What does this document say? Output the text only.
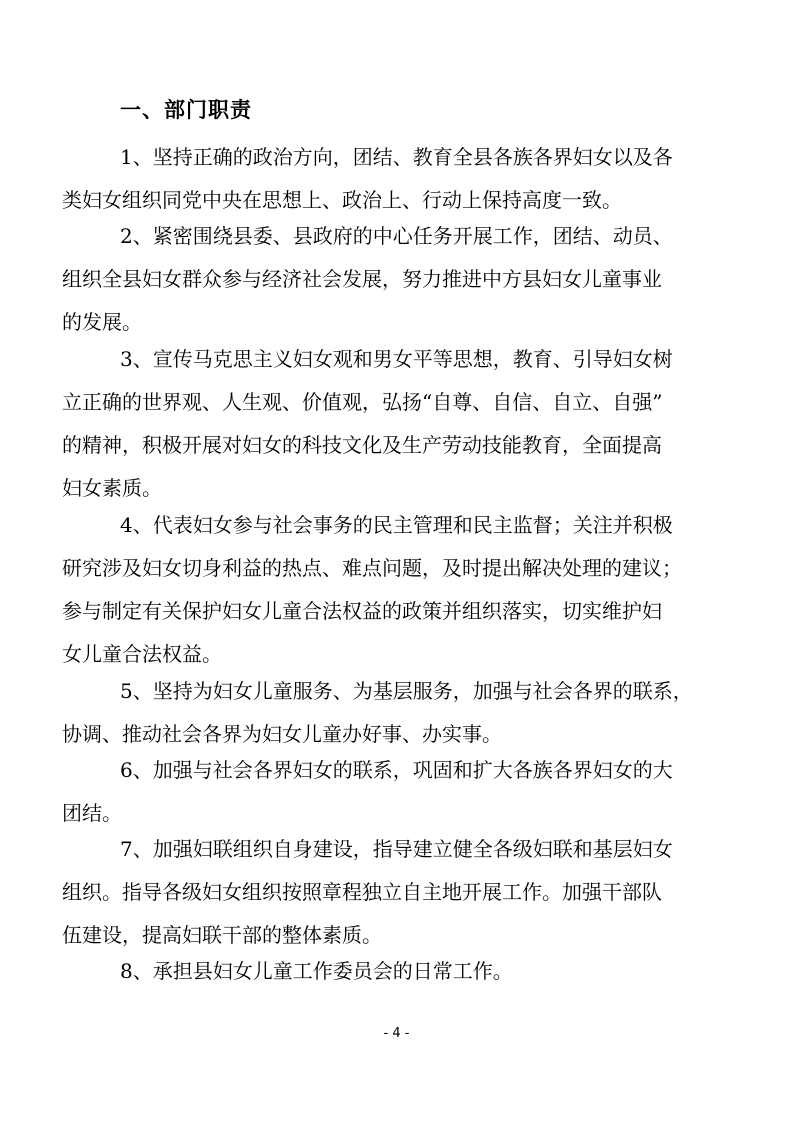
一、部门职责
1、坚持正确的政治方向，团结、教育全县各族各界妇女以及各
类妇女组织同党中央在思想上、政治上、行动上保持高度一致。
2、紧密围绕县委、县政府的中心任务开展工作，团结、动员、
组织全县妇女群众参与经济社会发展，努力推进中方县妇女儿童事业
的发展。
3、宣传马克思主义妇女观和男女平等思想，教育、引导妇女树
立正确的世界观、人生观、价值观，弘扬“自尊、自信、自立、自强”
的精神，积极开展对妇女的科技文化及生产劳动技能教育，全面提高
妇女素质。
4、代表妇女参与社会事务的民主管理和民主监督；关注并积极
研究涉及妇女切身利益的热点、难点问题，及时提出解决处理的建议；
参与制定有关保护妇女儿童合法权益的政策并组织落实，切实维护妇
女儿童合法权益。
5、坚持为妇女儿童服务、为基层服务，加强与社会各界的联系，
协调、推动社会各界为妇女儿童办好事、办实事。
6、加强与社会各界妇女的联系，巩固和扩大各族各界妇女的大
团结。
7、加强妇联组织自身建设，指导建立健全各级妇联和基层妇女
组织。指导各级妇女组织按照章程独立自主地开展工作。加强干部队
伍建设，提高妇联干部的整体素质。
8、承担县妇女儿童工作委员会的日常工作。
- 4 -
